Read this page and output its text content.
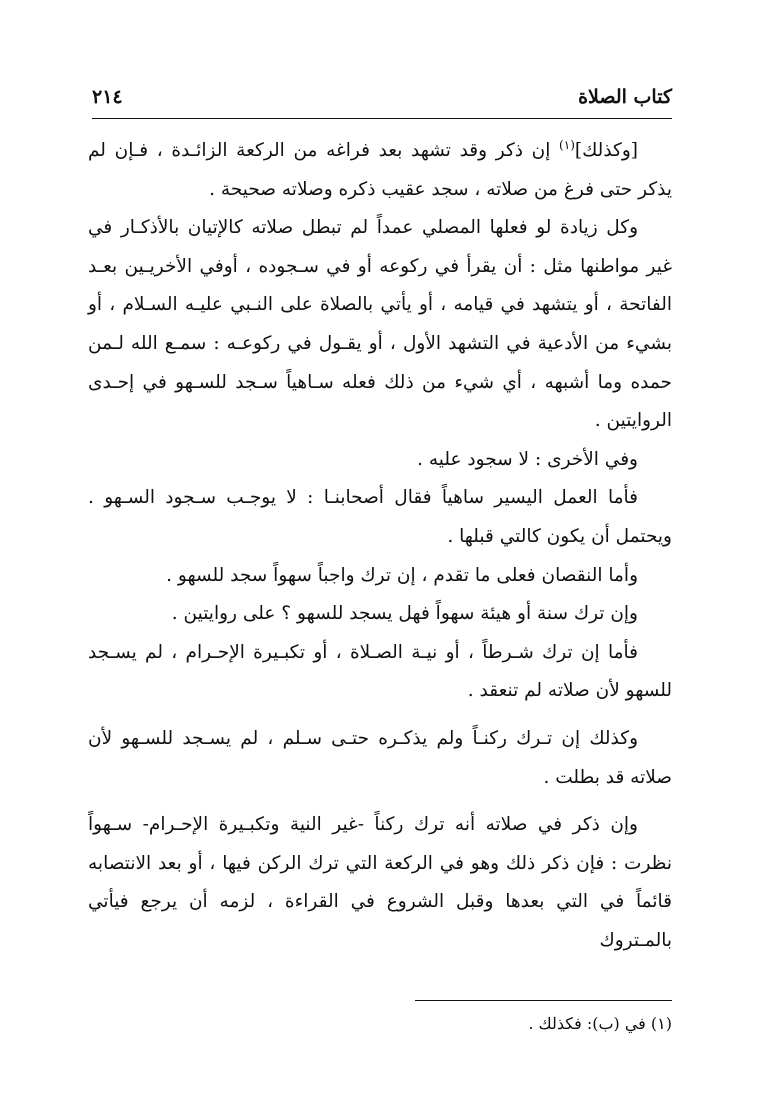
كتاب الصلاة
٢١٤

[وكذلك]$^{(١)}$ إن ذكر وقد تشهد بعد فراغه من الركعة الزائـدة ، فـإن لم يذكر حتى فرغ من صلاته ، سجد عقيب ذكره وصلاته صحيحة .

وكل زيادة لو فعلها المصلي عمداً لم تبطل صلاته كالإتيان بالأذكـار في غير مواطنها مثل : أن يقرأ في ركوعه أو في سـجوده ، أوفي الأخريـين بعـد الفاتحة ، أو يتشهد في قيامه ، أو يأتي بالصلاة على النـبي عليـه السـلام ، أو بشيء من الأدعية في التشهد الأول ، أو يقـول في ركوعـه : سمـع الله لـمن حمده وما أشبهه ، أي شيء من ذلك فعله سـاهياً سـجد للسـهو في إحـدى الروايتين .

وفي الأخرى : لا سجود عليه .

فأما العمل اليسير ساهياً فقال أصحابنـا : لا يوجـب سـجود السـهو . ويحتمل أن يكون كالتي قبلها .

وأما النقصان فعلى ما تقدم ، إن ترك واجباً سهواً سجد للسهو .

وإن ترك سنة أو هيئة سهواً فهل يسجد للسهو ؟ على روايتين .

فأما إن ترك شـرطاً ، أو نيـة الصـلاة ، أو تكبـيرة الإحـرام ، لم يسـجد للسهو لأن صلاته لم تنعقد .

وكذلك إن تـرك ركنـاً ولم يذكـره حتـى سـلم ، لم يسـجد للسـهو لأن صلاته قد بطلت .

وإن ذكر في صلاته أنه ترك ركناً -غير النية وتكبـيرة الإحـرام- سـهواً نظرت : فإن ذكر ذلك وهو في الركعة التي ترك الركن فيها ، أو بعد الانتصابه قائماً في التي بعدها وقبل الشروع في القراءة ، لزمه أن يرجع فيأتي بالمـتروك

(١) في (ب): فكذلك .
